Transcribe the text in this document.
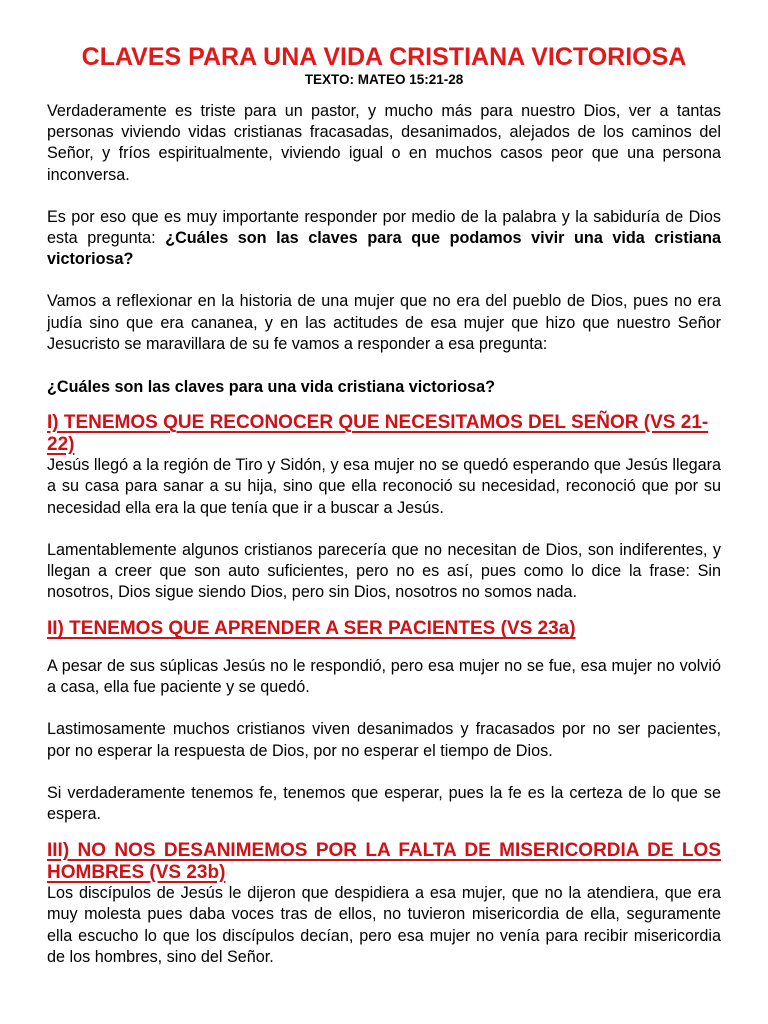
CLAVES PARA UNA VIDA CRISTIANA VICTORIOSA
TEXTO: MATEO 15:21-28

Verdaderamente es triste para un pastor, y mucho más para nuestro Dios, ver a tantas personas viviendo vidas cristianas fracasadas, desanimados, alejados de los caminos del Señor, y fríos espiritualmente, viviendo igual o en muchos casos peor que una persona inconversa.

Es por eso que es muy importante responder por medio de la palabra y la sabiduría de Dios esta pregunta: ¿Cuáles son las claves para que podamos vivir una vida cristiana victoriosa?

Vamos a reflexionar en la historia de una mujer que no era del pueblo de Dios, pues no era judía sino que era cananea, y en las actitudes de esa mujer que hizo que nuestro Señor Jesucristo se maravillara de su fe vamos a responder a esa pregunta:

¿Cuáles son las claves para una vida cristiana victoriosa?

I) TENEMOS QUE RECONOCER QUE NECESITAMOS DEL SEÑOR (VS 21-22)

Jesús llegó a la región de Tiro y Sidón, y esa mujer no se quedó esperando que Jesús llegara a su casa para sanar a su hija, sino que ella reconoció su necesidad, reconoció que por su necesidad ella era la que tenía que ir a buscar a Jesús.

Lamentablemente algunos cristianos parecería que no necesitan de Dios, son indiferentes, y llegan a creer que son auto suficientes, pero no es así, pues como lo dice la frase: Sin nosotros, Dios sigue siendo Dios, pero sin Dios, nosotros no somos nada.

II) TENEMOS QUE APRENDER A SER PACIENTES (VS 23a)

A pesar de sus súplicas Jesús no le respondió, pero esa mujer no se fue, esa mujer no volvió a casa, ella fue paciente y se quedó.

Lastimosamente muchos cristianos viven desanimados y fracasados por no ser pacientes, por no esperar la respuesta de Dios, por no esperar el tiempo de Dios.

Si verdaderamente tenemos fe, tenemos que esperar, pues la fe es la certeza de lo que se espera.

III) NO NOS DESANIMEMOS POR LA FALTA DE MISERICORDIA DE LOS HOMBRES (VS 23b)

Los discípulos de Jesús le dijeron que despidiera a esa mujer, que no la atendiera, que era muy molesta pues daba voces tras de ellos, no tuvieron misericordia de ella, seguramente ella escucho lo que los discípulos decían, pero esa mujer no venía para recibir misericordia de los hombres, sino del Señor.
